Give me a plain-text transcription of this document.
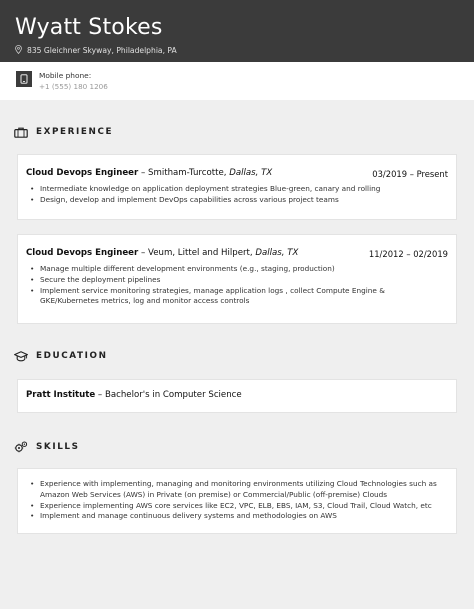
Wyatt Stokes
835 Gleichner Skyway, Philadelphia, PA
Mobile phone:
+1 (555) 180 1206
EXPERIENCE
Cloud Devops Engineer – Smitham-Turcotte, Dallas, TX	03/2019 – Present
• Intermediate knowledge on application deployment strategies Blue-green, canary and rolling
• Design, develop and implement DevOps capabilities across various project teams
Cloud Devops Engineer – Veum, Littel and Hilpert, Dallas, TX	11/2012 – 02/2019
• Manage multiple different development environments (e.g., staging, production)
• Secure the deployment pipelines
• Implement service monitoring strategies, manage application logs , collect Compute Engine & GKE/Kubernetes metrics, log and monitor access controls
EDUCATION
Pratt Institute – Bachelor's in Computer Science
SKILLS
• Experience with implementing, managing and monitoring environments utilizing Cloud Technologies such as Amazon Web Services (AWS) in Private (on premise) or Commercial/Public (off-premise) Clouds
• Experience implementing AWS core services like EC2, VPC, ELB, EBS, IAM, S3, Cloud Trail, Cloud Watch, etc
• Implement and manage continuous delivery systems and methodologies on AWS
